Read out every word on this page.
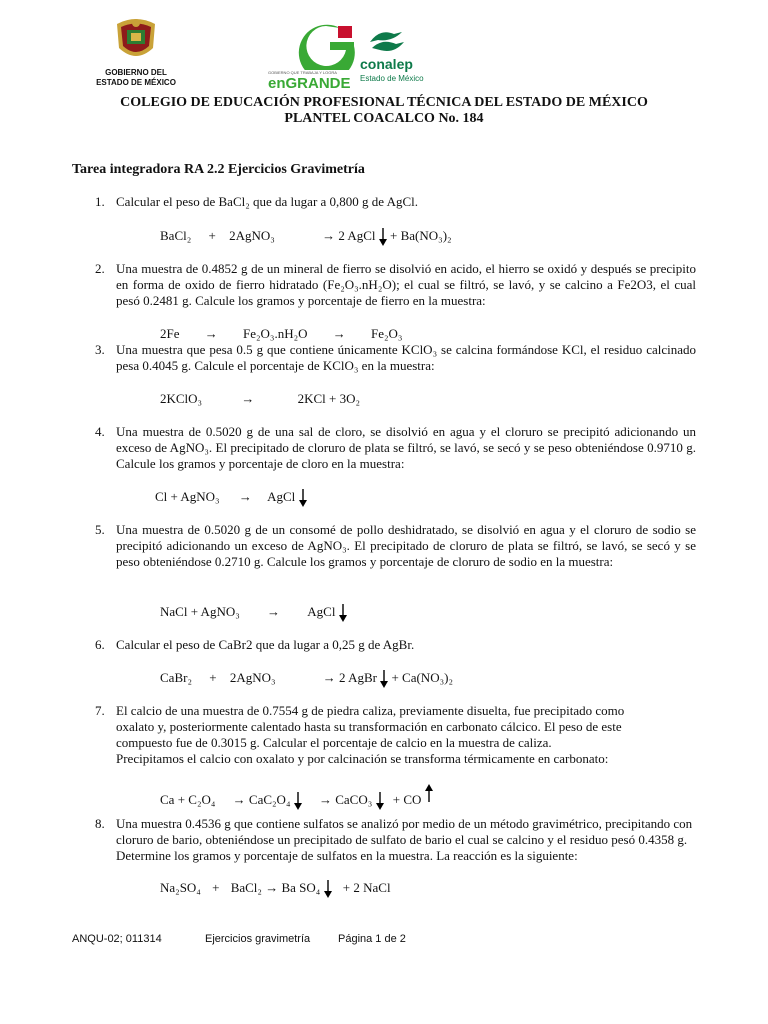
GOBIERNO DEL
ESTADO DE MÉXICO
GOBIERNO QUE TRABAJA Y LOGRA
enGRANDE
conalep
Estado de México
COLEGIO DE EDUCACIÓN PROFESIONAL TÉCNICA DEL ESTADO DE MÉXICO
PLANTEL COACALCO No. 184
Tarea integradora RA 2.2 Ejercicios Gravimetría
1. Calcular el peso de BaCl₂ que da lugar a 0,800 g de AgCl.
BaCl₂ + 2AgNO₃	→ 2 AgCl + Ba(NO₃)₂
2. Una muestra de 0.4852 g de un mineral de fierro se disolvió en acido, el hierro se oxidó y después se precipito en forma de oxido de fierro hidratado (Fe₂O₃.nH₂O); el cual se filtró, se lavó, y se calcino a Fe2O3, el cual pesó 0.2481 g. Calcule los gramos y porcentaje de fierro en la muestra:
2Fe → Fe₂O₃.nH₂O → Fe₂O₃
3. Una muestra que pesa 0.5 g que contiene únicamente KClO₃ se calcina formándose KCl, el residuo calcinado pesa 0.4045 g. Calcule el porcentaje de KClO₃ en la muestra:
2KClO₃	→	2KCl + 3O₂
4. Una muestra de 0.5020 g de una sal de cloro, se disolvió en agua y el cloruro se precipitó adicionando un exceso de AgNO₃. El precipitado de cloruro de plata se filtró, se lavó, se secó y se peso obteniéndose 0.9710 g. Calcule los gramos y porcentaje de cloro en la muestra:
Cl + AgNO₃ → AgCl
5. Una muestra de 0.5020 g de un consomé de pollo deshidratado, se disolvió en agua y el cloruro de sodio se precipitó adicionando un exceso de AgNO₃. El precipitado de cloruro de plata se filtró, se lavó, se secó y se peso obteniéndose 0.2710 g. Calcule los gramos y porcentaje de cloruro de sodio en la muestra:
NaCl + AgNO₃ → AgCl
6. Calcular el peso de CaBr2 que da lugar a 0,25 g de AgBr.
CaBr₂ + 2AgNO₃	→ 2 AgBr + Ca(NO₃)₂
7. El calcio de una muestra de 0.7554 g de piedra caliza, previamente disuelta, fue precipitado como oxalato y, posteriormente calentado hasta su transformación en carbonato cálcico. El peso de este compuesto fue de 0.3015 g. Calcular el porcentaje de calcio en la muestra de caliza.
Precipitamos el calcio con oxalato y por calcinación se transforma térmicamente en carbonato:
Ca + C₂O₄ → CaC₂O₄ → CaCO₃ + CO
8. Una muestra 0.4536 g que contiene sulfatos se analizó por medio de un método gravimétrico, precipitando con cloruro de bario, obteniéndose un precipitado de sulfato de bario el cual se calcino y el residuo pesó 0.4358 g. Determine los gramos y porcentaje de sulfatos en la muestra. La reacción es la siguiente:
Na₂SO₄ + BaCl₂ → Ba SO₄ + 2 NaCl
ANQU-02; 011314	Ejercicios gravimetría	Página 1 de 2
